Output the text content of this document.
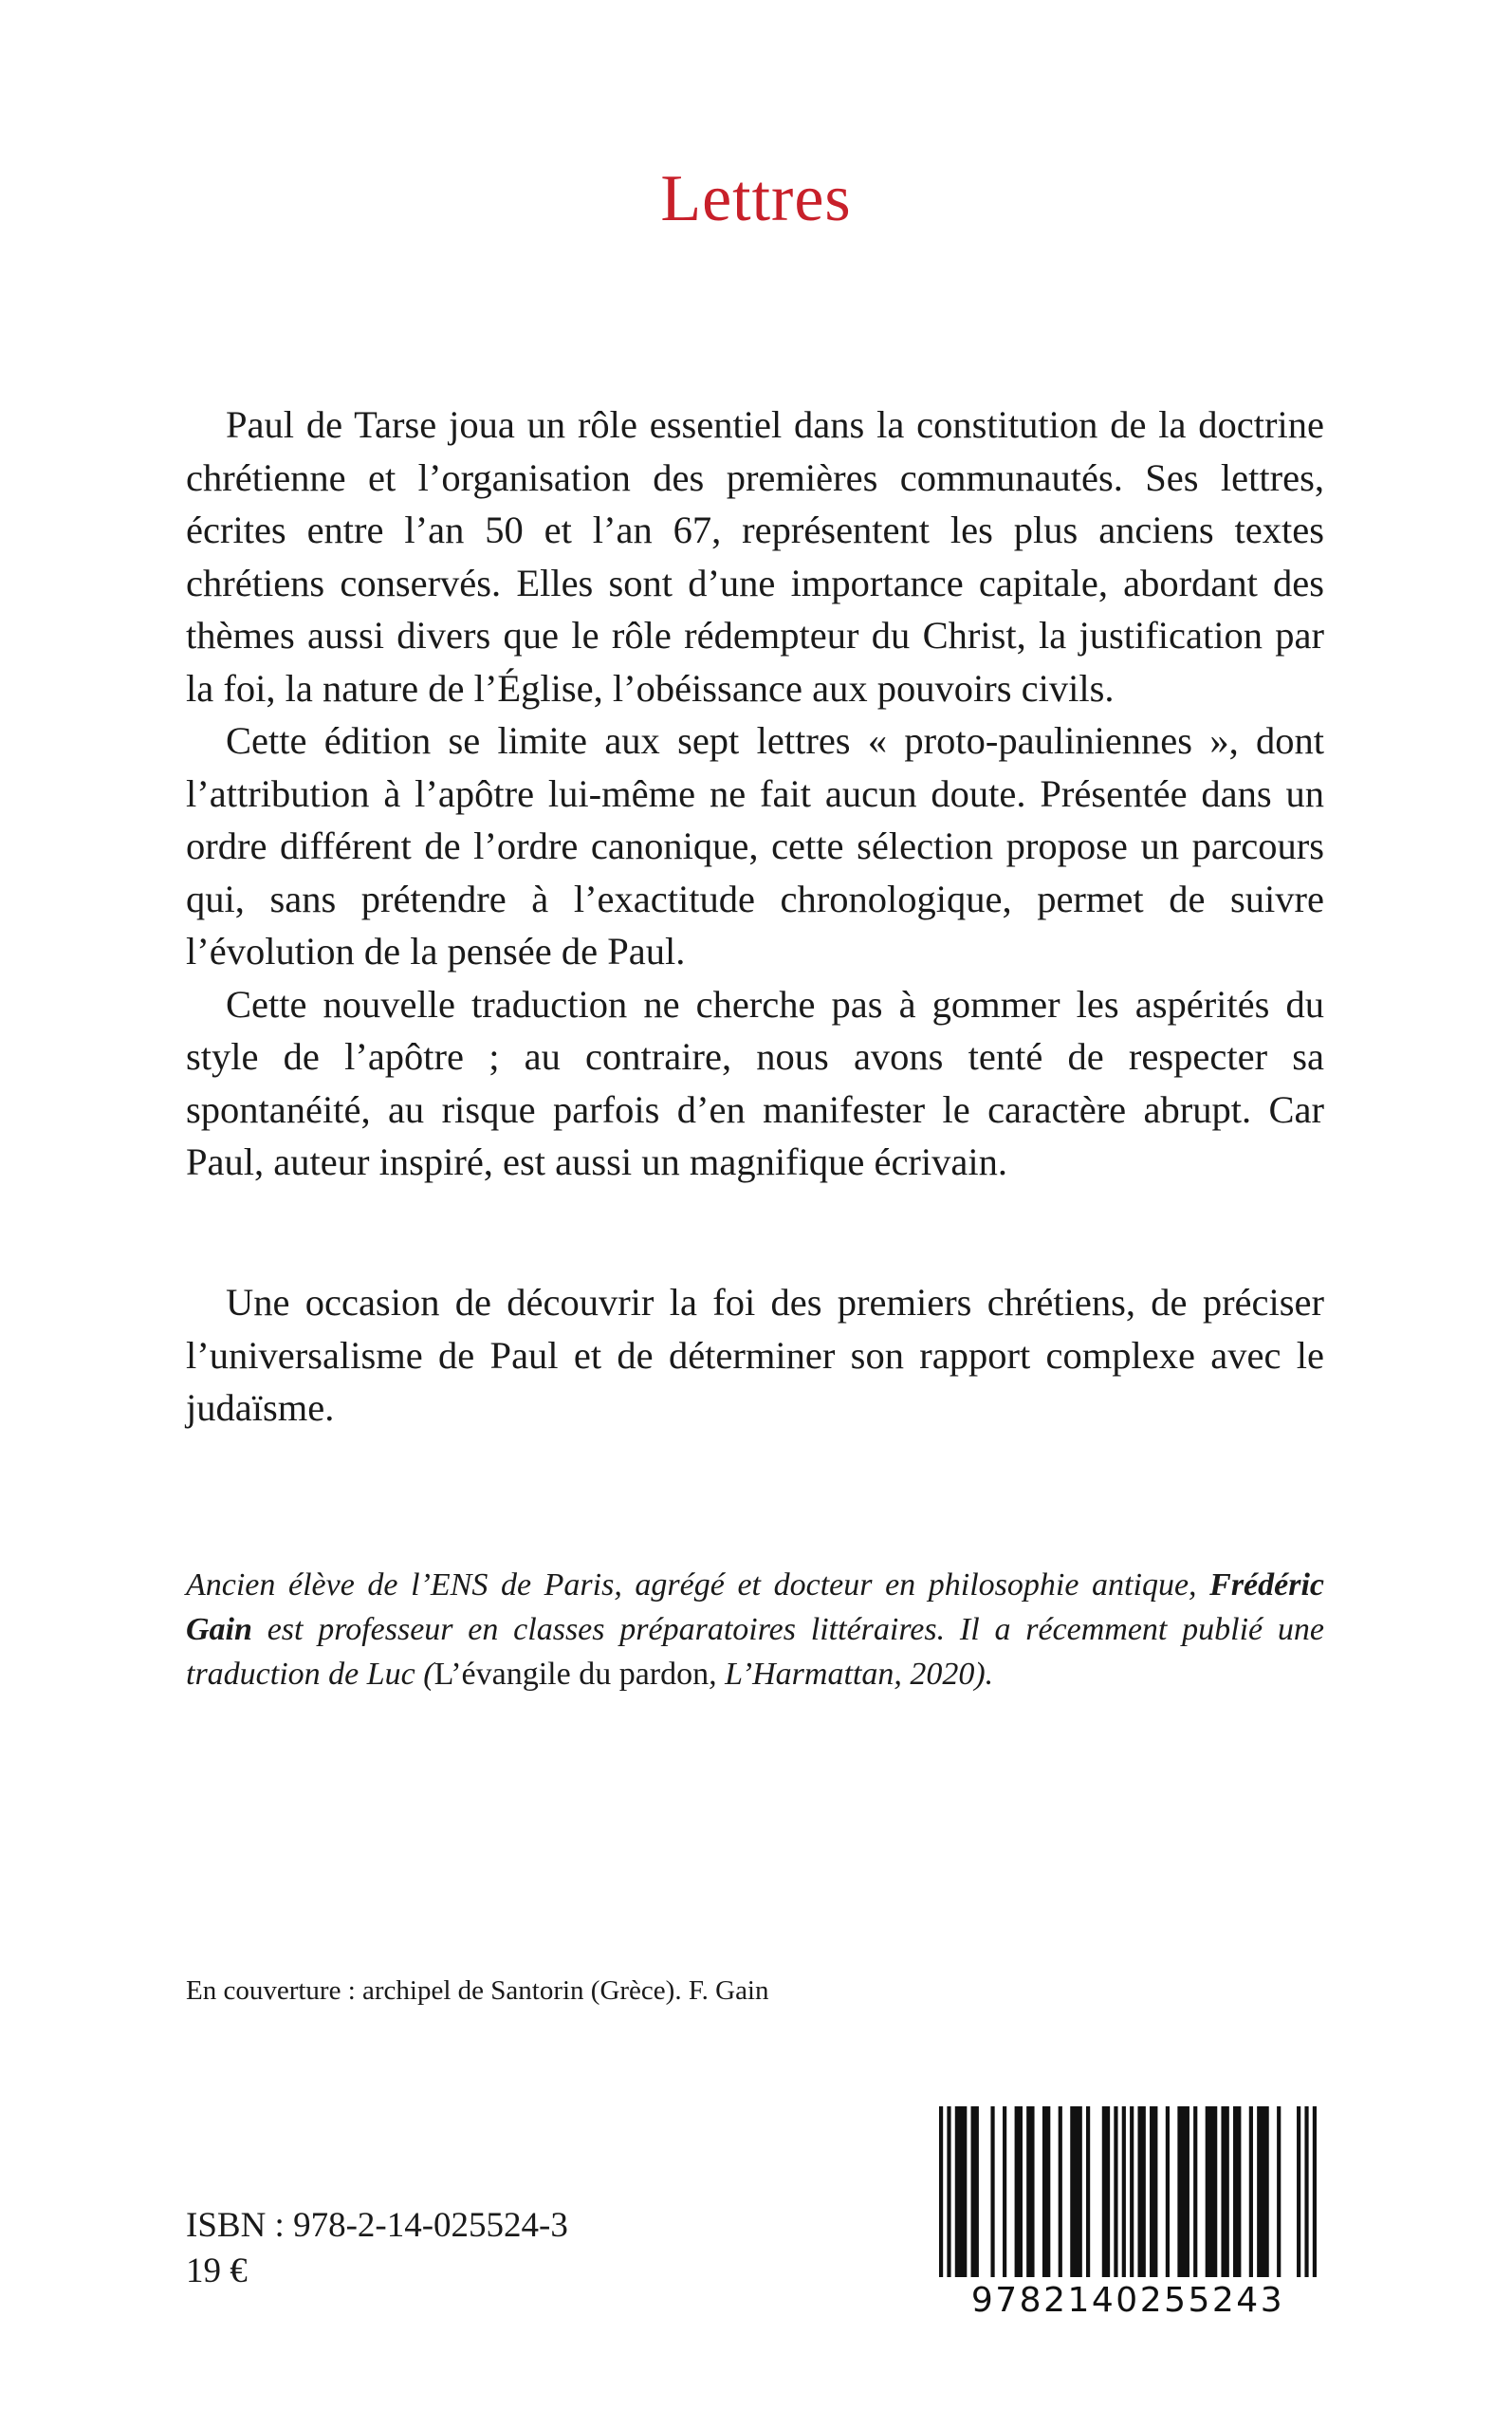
Lettres

Paul de Tarse joua un rôle essentiel dans la constitution de la doctrine chrétienne et l’organisation des premières communautés. Ses lettres, écrites entre l’an 50 et l’an 67, représentent les plus anciens textes chrétiens conservés. Elles sont d’une importance capitale, abordant des thèmes aussi divers que le rôle rédempteur du Christ, la justification par la foi, la nature de l’Église, l’obéissance aux pouvoirs civils.

Cette édition se limite aux sept lettres « proto-pauliniennes », dont l’attribution à l’apôtre lui-même ne fait aucun doute. Présentée dans un ordre différent de l’ordre canonique, cette sélection propose un parcours qui, sans prétendre à l’exactitude chronologique, permet de suivre l’évolution de la pensée de Paul.

Cette nouvelle traduction ne cherche pas à gommer les aspérités du style de l’apôtre ; au contraire, nous avons tenté de respecter sa spontanéité, au risque parfois d’en manifester le caractère abrupt. Car Paul, auteur inspiré, est aussi un magnifique écrivain.

Une occasion de découvrir la foi des premiers chrétiens, de préciser l’universalisme de Paul et de déterminer son rapport complexe avec le judaïsme.

Ancien élève de l’ENS de Paris, agrégé et docteur en philosophie antique, Frédéric Gain est professeur en classes préparatoires littéraires. Il a récemment publié une traduction de Luc (L’évangile du pardon, L’Harmattan, 2020).
En couverture : archipel de Santorin (Grèce). F. Gain
ISBN : 978-2-14-025524-3
19 €
9782140255243
